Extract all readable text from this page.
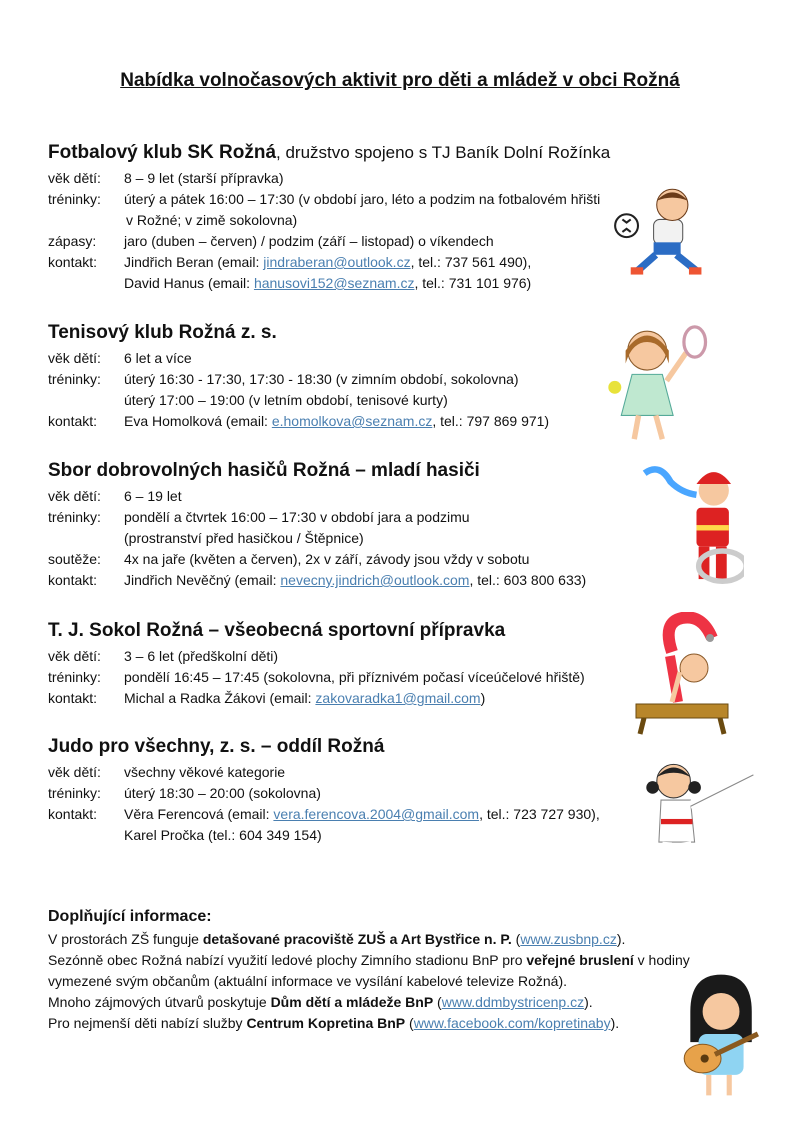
Nabídka volnočasových aktivit pro děti a mládež v obci Rožná
Fotbalový klub SK Rožná, družstvo spojeno s TJ Baník Dolní Rožínka
věk dětí:	8 – 9 let (starší přípravka)
tréninky:	úterý a pátek 16:00 – 17:30 (v období jaro, léto a podzim na fotbalovém hřišti
v Rožné; v zimě sokolovna)
zápasy:	jaro (duben – červen) / podzim (září – listopad) o víkendech
kontakt:	Jindřich Beran (email: jindraberan@outlook.cz, tel.: 737 561 490),
David Hanus (email: hanusovi152@seznam.cz, tel.: 731 101 976)
Tenisový klub Rožná z. s.
věk dětí:	6 let a více
tréninky:	úterý 16:30 - 17:30, 17:30 - 18:30 (v zimním období, sokolovna)
úterý 17:00 – 19:00 (v letním období, tenisové kurty)
kontakt:	Eva Homolková (email: e.homolkova@seznam.cz, tel.: 797 869 971)
Sbor dobrovolných hasičů Rožná – mladí hasiči
věk dětí:	6 – 19 let
tréninky:	pondělí a čtvrtek 16:00 – 17:30 v období jara a podzimu
(prostranství před hasičkou / Štěpnice)
soutěže:	4x na jaře (květen a červen), 2x v září, závody jsou vždy v sobotu
kontakt:	Jindřich Nevěčný (email: nevecny.jindrich@outlook.com, tel.: 603 800 633)
T. J. Sokol Rožná – všeobecná sportovní přípravka
věk dětí:	3 – 6 let (předškolní děti)
tréninky:	pondělí 16:45 – 17:45 (sokolovna, při příznivém počasí víceúčelové hřiště)
kontakt:	Michal a Radka Žákovi (email: zakovaradka1@gmail.com)
Judo pro všechny, z. s. – oddíl Rožná
věk dětí:	všechny věkové kategorie
tréninky:	úterý 18:30 – 20:00 (sokolovna)
kontakt:	Věra Ferencová (email: vera.ferencova.2004@gmail.com, tel.: 723 727 930),
Karel Pročka (tel.: 604 349 154)
Doplňující informace:

V prostorách ZŠ funguje detašované pracoviště ZUŠ a Art Bystřice n. P. (www.zusbnp.cz).

Sezónně obec Rožná nabízí využití ledové plochy Zimního stadionu BnP pro veřejné bruslení v hodiny

vymezené svým občanům (aktuální informace ve vysílání kabelové televize Rožná).

Mnoho zájmových útvarů poskytuje Dům dětí a mládeže BnP (www.ddmbystricenp.cz).

Pro nejmenší děti nabízí služby Centrum Kopretina BnP (www.facebook.com/kopretinaby).
